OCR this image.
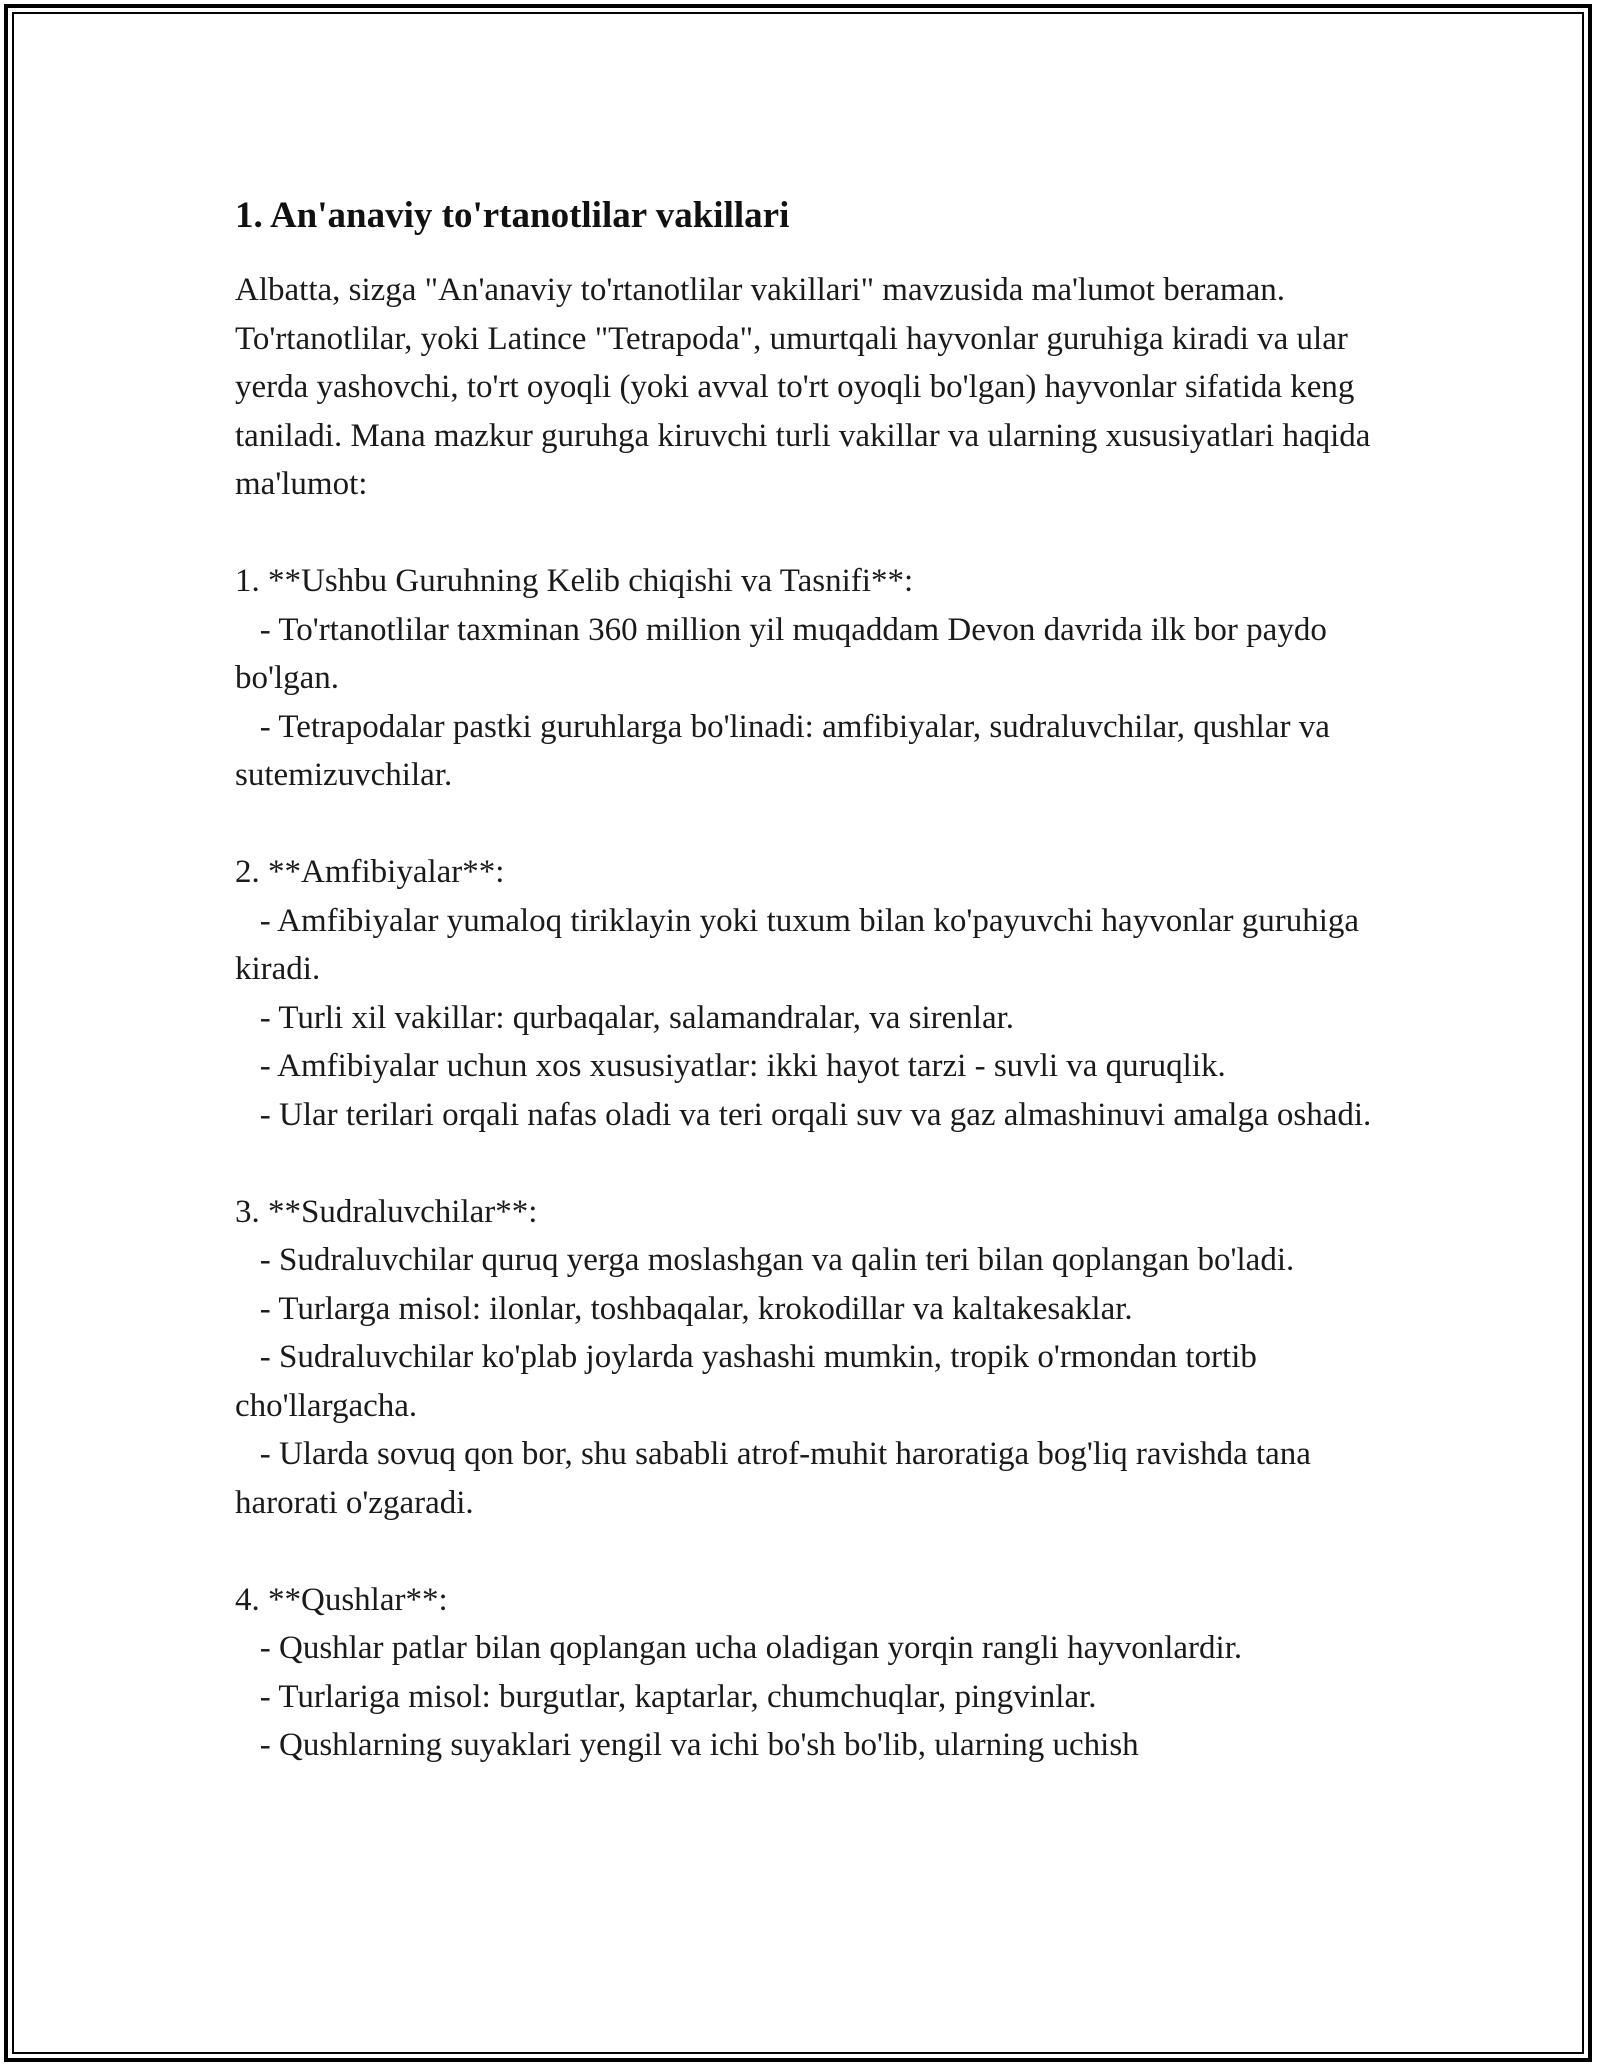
1. An'anaviy to'rtanotlilar vakillari

Albatta, sizga "An'anaviy to'rtanotlilar vakillari" mavzusida ma'lumot beraman. To'rtanotlilar, yoki Latince "Tetrapoda", umurtqali hayvonlar guruhiga kiradi va ular yerda yashovchi, to'rt oyoqli (yoki avval to'rt oyoqli bo'lgan) hayvonlar sifatida keng taniladi. Mana mazkur guruhga kiruvchi turli vakillar va ularning xususiyatlari haqida ma'lumot:

1. **Ushbu Guruhning Kelib chiqishi va Tasnifi**:

- To'rtanotlilar taxminan 360 million yil muqaddam Devon davrida ilk bor paydo bo'lgan.

- Tetrapodalar pastki guruhlarga bo'linadi: amfibiyalar, sudraluvchilar, qushlar va sutemizuvchilar.

2. **Amfibiyalar**:

- Amfibiyalar yumaloq tiriklayin yoki tuxum bilan ko'payuvchi hayvonlar guruhiga kiradi.

- Turli xil vakillar: qurbaqalar, salamandralar, va sirenlar.

- Amfibiyalar uchun xos xususiyatlar: ikki hayot tarzi - suvli va quruqlik.

- Ular terilari orqali nafas oladi va teri orqali suv va gaz almashinuvi amalga oshadi.

3. **Sudraluvchilar**:

- Sudraluvchilar quruq yerga moslashgan va qalin teri bilan qoplangan bo'ladi.

- Turlarga misol: ilonlar, toshbaqalar, krokodillar va kaltakesaklar.

- Sudraluvchilar ko'plab joylarda yashashi mumkin, tropik o'rmondan tortib cho'llargacha.

- Ularda sovuq qon bor, shu sababli atrof-muhit haroratiga bog'liq ravishda tana harorati o'zgaradi.

4. **Qushlar**:

- Qushlar patlar bilan qoplangan ucha oladigan yorqin rangli hayvonlardir.

- Turlariga misol: burgutlar, kaptarlar, chumchuqlar, pingvinlar.

- Qushlarning suyaklari yengil va ichi bo'sh bo'lib, ularning uchish
